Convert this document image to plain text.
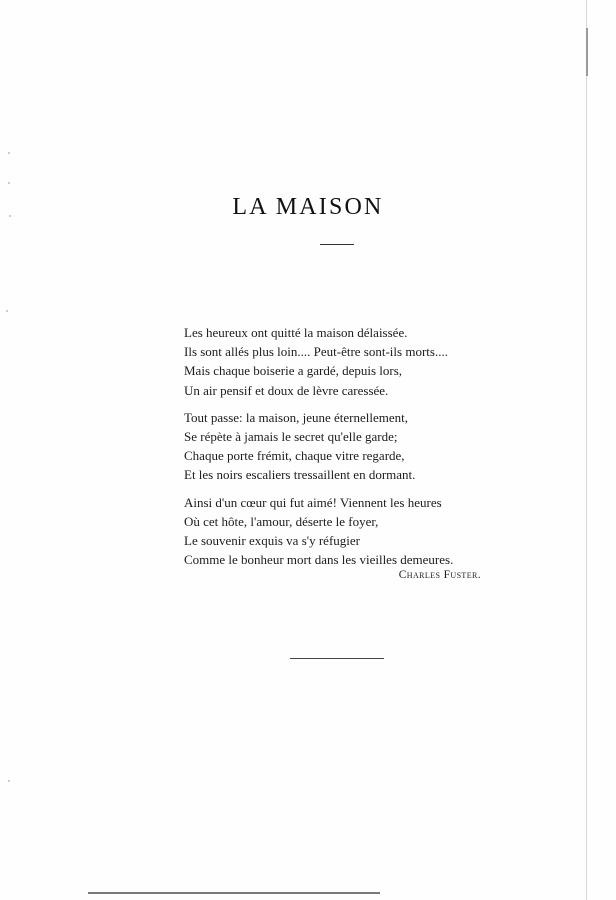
LA MAISON
Les heureux ont quitté la maison délaissée.
Ils sont allés plus loin.... Peut-être sont-ils morts....
Mais chaque boiserie a gardé, depuis lors,
Un air pensif et doux de lèvre caressée.
Tout passe: la maison, jeune éternellement,
Se répète à jamais le secret qu'elle garde;
Chaque porte frémit, chaque vitre regarde,
Et les noirs escaliers tressaillent en dormant.
Ainsi d'un cœur qui fut aimé! Viennent les heures
Où cet hôte, l'amour, déserte le foyer,
Le souvenir exquis va s'y réfugier
Comme le bonheur mort dans les vieilles demeures.
Charles Fuster.
